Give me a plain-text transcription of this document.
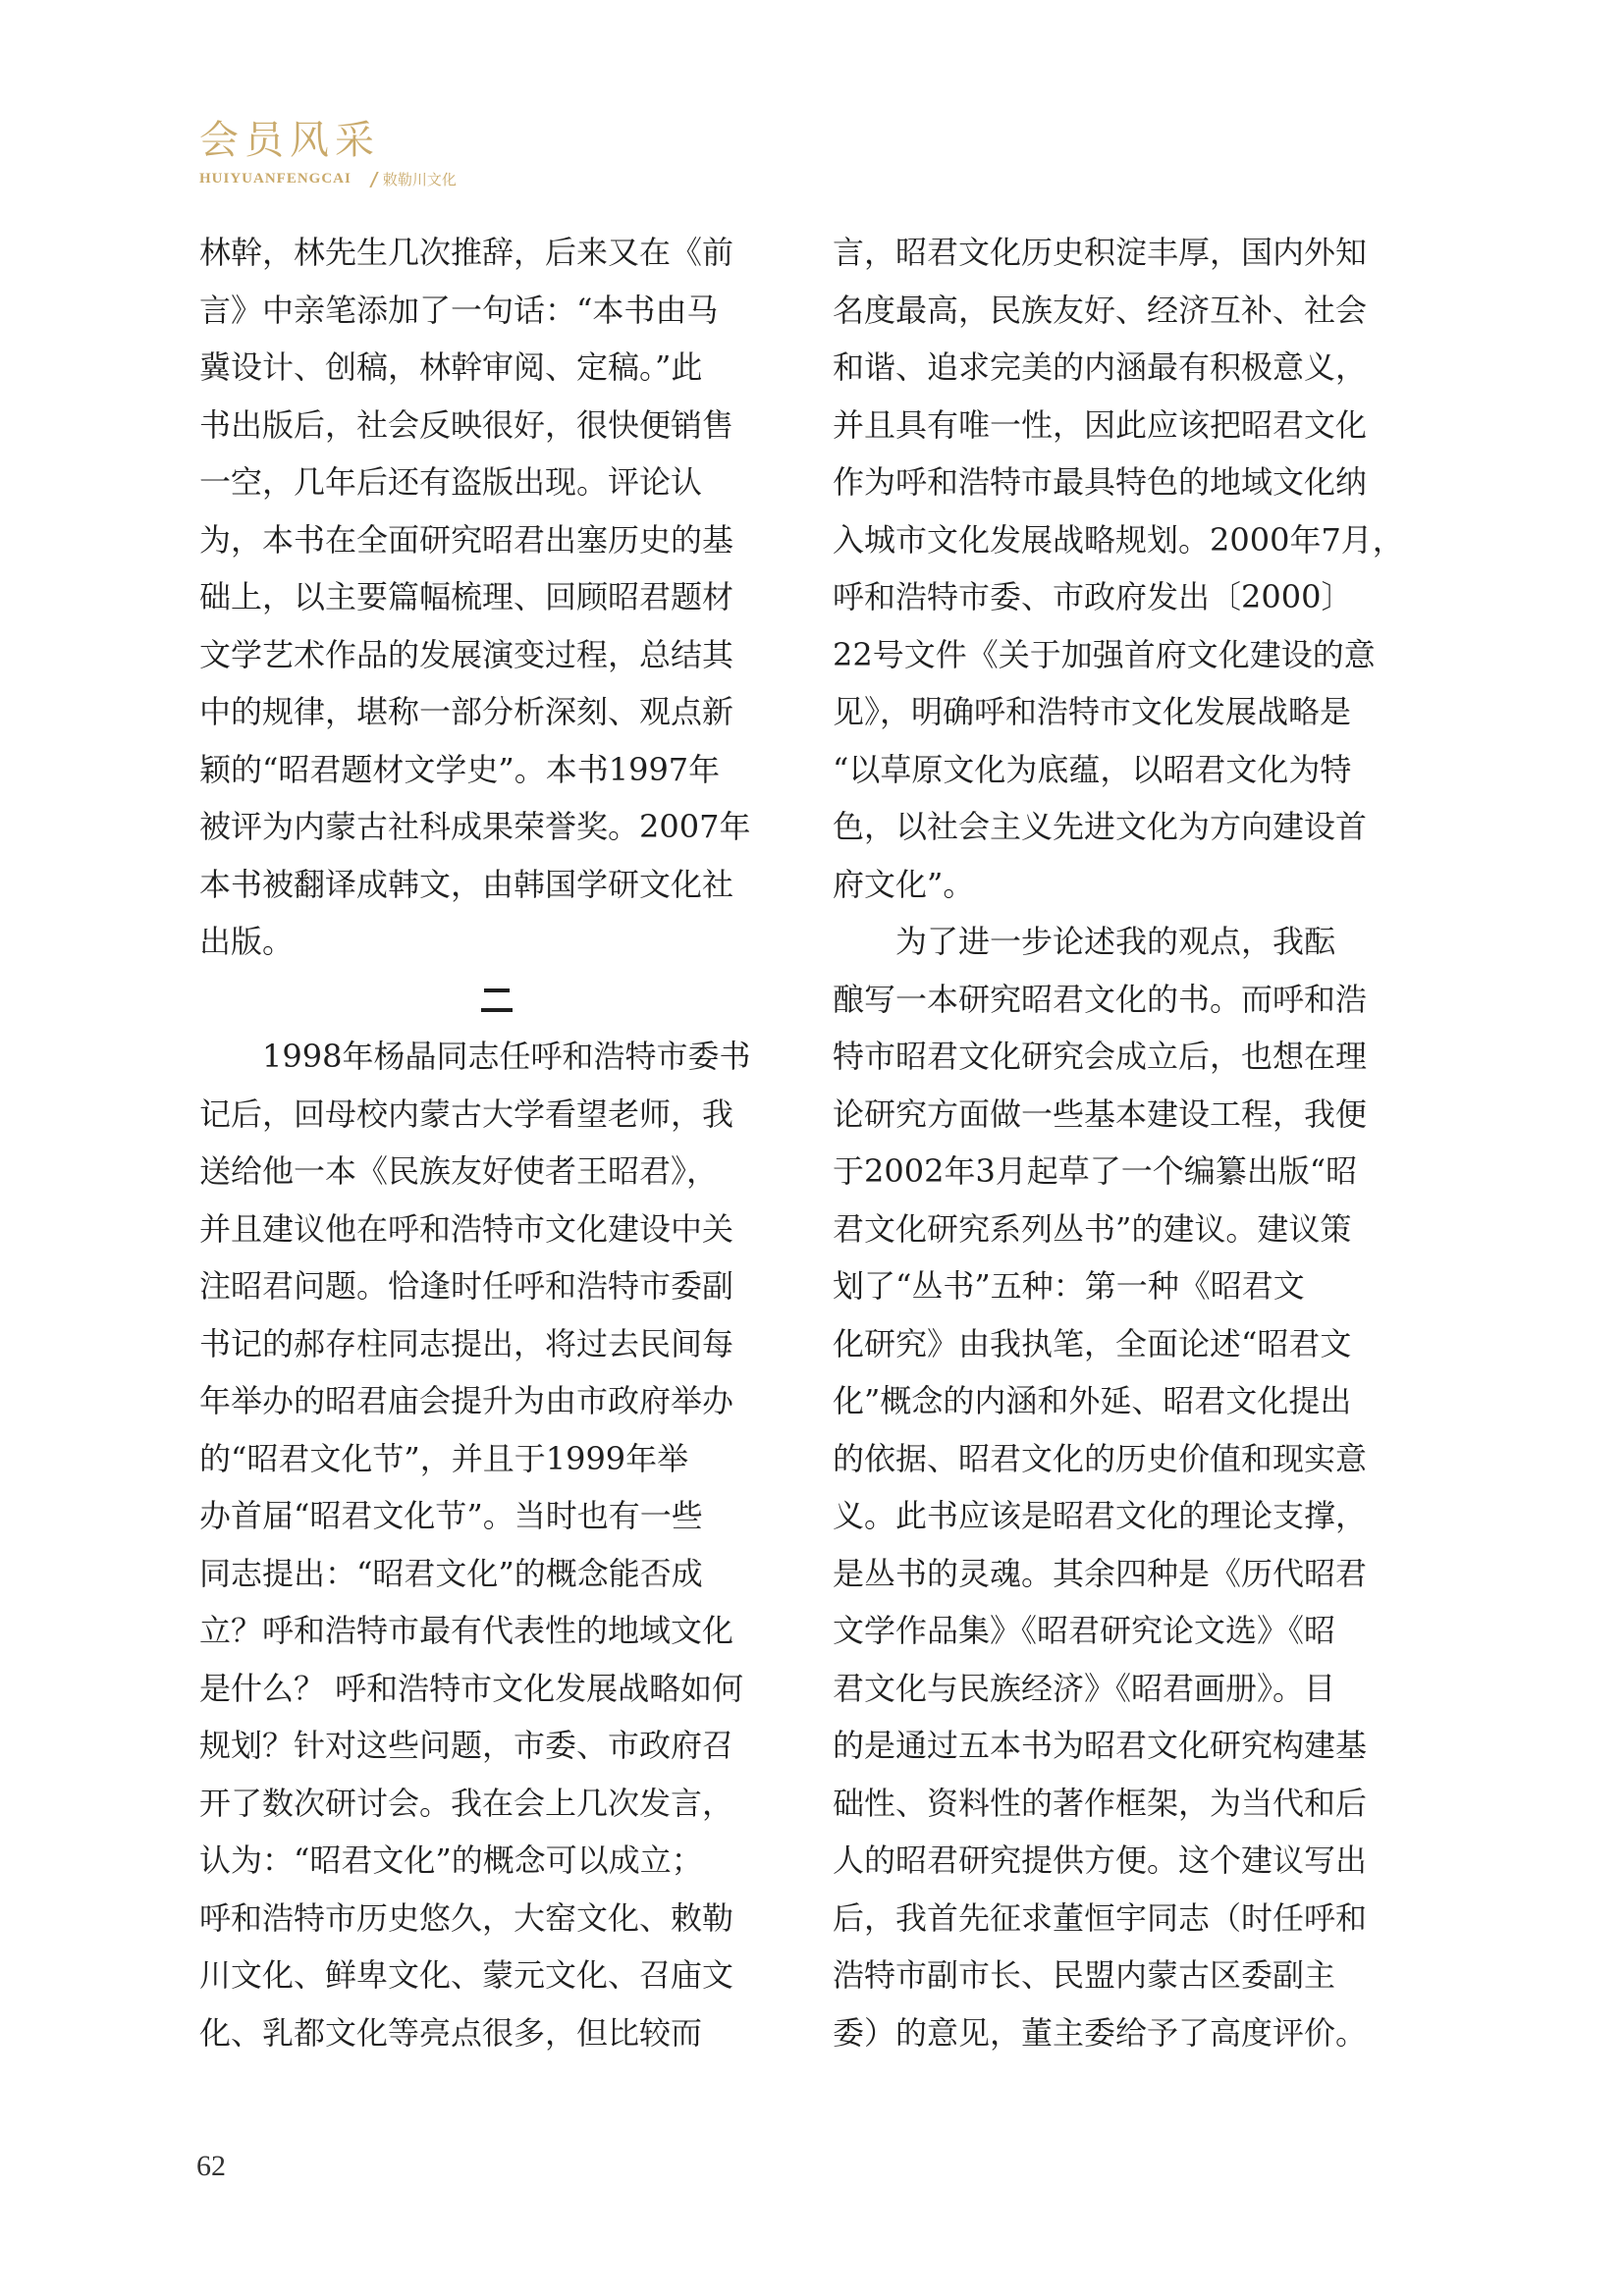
会员风采
HUIYUANFENGCAI 敕勒川文化
林幹，林先生几次推辞，后来又在《前
言》中亲笔添加了一句话：“本书由马
冀设计、创稿，林幹审阅、定稿。”此
书出版后，社会反映很好，很快便销售
一空，几年后还有盗版出现。评论认
为，本书在全面研究昭君出塞历史的基
础上，以主要篇幅梳理、回顾昭君题材
文学艺术作品的发展演变过程，总结其
中的规律，堪称一部分析深刻、观点新
颖的“昭君题材文学史”。本书1997年
被评为内蒙古社科成果荣誉奖。2007年
本书被翻译成韩文，由韩国学研文化社
出版。
1998年杨晶同志任呼和浩特市委书
记后，回母校内蒙古大学看望老师，我
送给他一本《民族友好使者王昭君》，
并且建议他在呼和浩特市文化建设中关
注昭君问题。恰逢时任呼和浩特市委副
书记的郝存柱同志提出，将过去民间每
年举办的昭君庙会提升为由市政府举办
的“昭君文化节”，并且于1999年举
办首届“昭君文化节”。当时也有一些
同志提出：“昭君文化”的概念能否成
立？呼和浩特市最有代表性的地域文化
是什么？ 呼和浩特市文化发展战略如何
规划？针对这些问题，市委、市政府召
开了数次研讨会。我在会上几次发言，
认为：“昭君文化”的概念可以成立；
呼和浩特市历史悠久，大窑文化、敕勒
川文化、鲜卑文化、蒙元文化、召庙文
化、乳都文化等亮点很多，但比较而
言，昭君文化历史积淀丰厚，国内外知
名度最高，民族友好、经济互补、社会
和谐、追求完美的内涵最有积极意义，
并且具有唯一性，因此应该把昭君文化
作为呼和浩特市最具特色的地域文化纳
入城市文化发展战略规划。2000年7月，
呼和浩特市委、市政府发出〔2000〕
22号文件《关于加强首府文化建设的意
见》，明确呼和浩特市文化发展战略是
“以草原文化为底蕴，以昭君文化为特
色，以社会主义先进文化为方向建设首
府文化”。
为了进一步论述我的观点，我酝
酿写一本研究昭君文化的书。而呼和浩
特市昭君文化研究会成立后，也想在理
论研究方面做一些基本建设工程，我便
于2002年3月起草了一个编纂出版“昭
君文化研究系列丛书”的建议。建议策
划了“丛书”五种：第一种《昭君文
化研究》由我执笔，全面论述“昭君文
化”概念的内涵和外延、昭君文化提出
的依据、昭君文化的历史价值和现实意
义。此书应该是昭君文化的理论支撑，
是丛书的灵魂。其余四种是《历代昭君
文学作品集》《昭君研究论文选》《昭
君文化与民族经济》《昭君画册》。目
的是通过五本书为昭君文化研究构建基
础性、资料性的著作框架，为当代和后
人的昭君研究提供方便。这个建议写出
后，我首先征求董恒宇同志（时任呼和
浩特市副市长、民盟内蒙古区委副主
委）的意见，董主委给予了高度评价。
62
